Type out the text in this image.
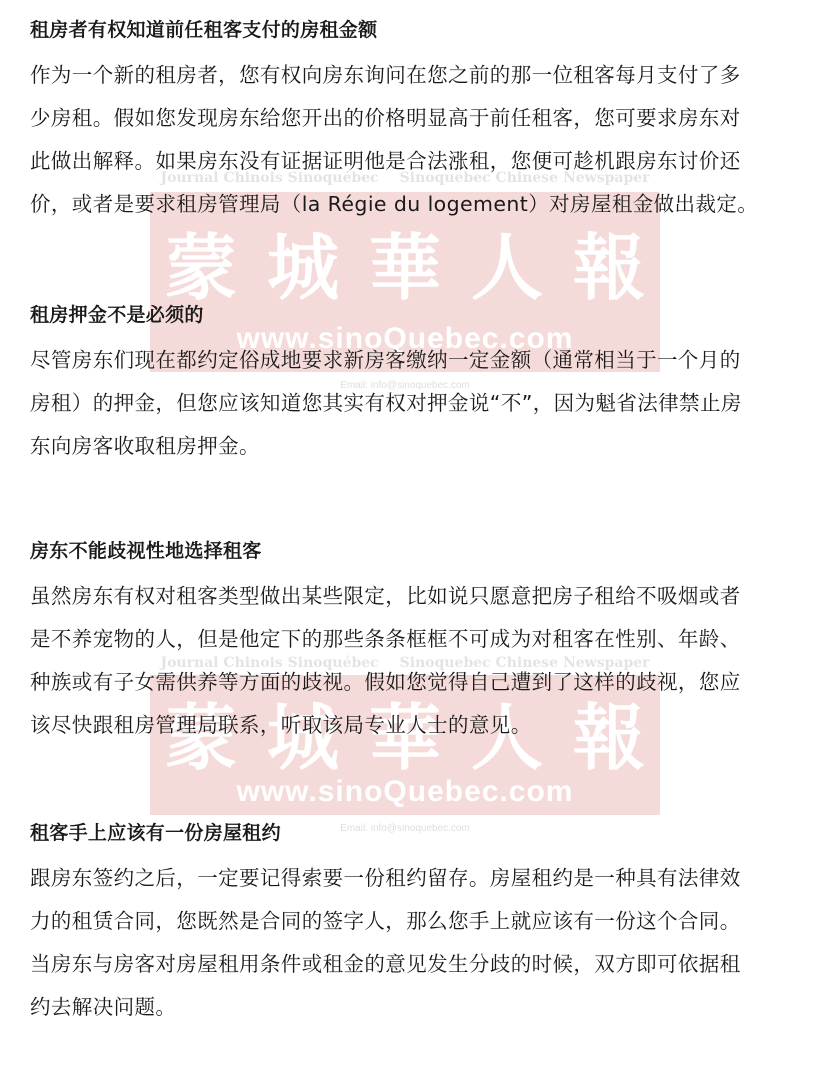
Journal Chinois Sinoquébec Sinoquebec Chinese Newspaper
蒙 城 華 人 報
www.sinoQuebec.com
Email: info@sinoquebec.com
Journal Chinois Sinoquébec Sinoquebec Chinese Newspaper
蒙 城 華 人 報
www.sinoQuebec.com
Email: info@sinoquebec.com
租房者有权知道前任租客支付的房租金额

作为一个新的租房者，您有权向房东询问在您之前的那一位租客每月支付了多
少房租。假如您发现房东给您开出的价格明显高于前任租客，您可要求房东对
此做出解释。如果房东没有证据证明他是合法涨租，您便可趁机跟房东讨价还
价，或者是要求租房管理局（la Régie du logement）对房屋租金做出裁定。

租房押金不是必须的

尽管房东们现在都约定俗成地要求新房客缴纳一定金额（通常相当于一个月的
房租）的押金，但您应该知道您其实有权对押金说“不”，因为魁省法律禁止房
东向房客收取租房押金。

房东不能歧视性地选择租客

虽然房东有权对租客类型做出某些限定，比如说只愿意把房子租给不吸烟或者
是不养宠物的人，但是他定下的那些条条框框不可成为对租客在性别、年龄、
种族或有子女需供养等方面的歧视。假如您觉得自己遭到了这样的歧视，您应
该尽快跟租房管理局联系，听取该局专业人士的意见。

租客手上应该有一份房屋租约

跟房东签约之后，一定要记得索要一份租约留存。房屋租约是一种具有法律效
力的租赁合同，您既然是合同的签字人，那么您手上就应该有一份这个合同。
当房东与房客对房屋租用条件或租金的意见发生分歧的时候，双方即可依据租
约去解决问题。
